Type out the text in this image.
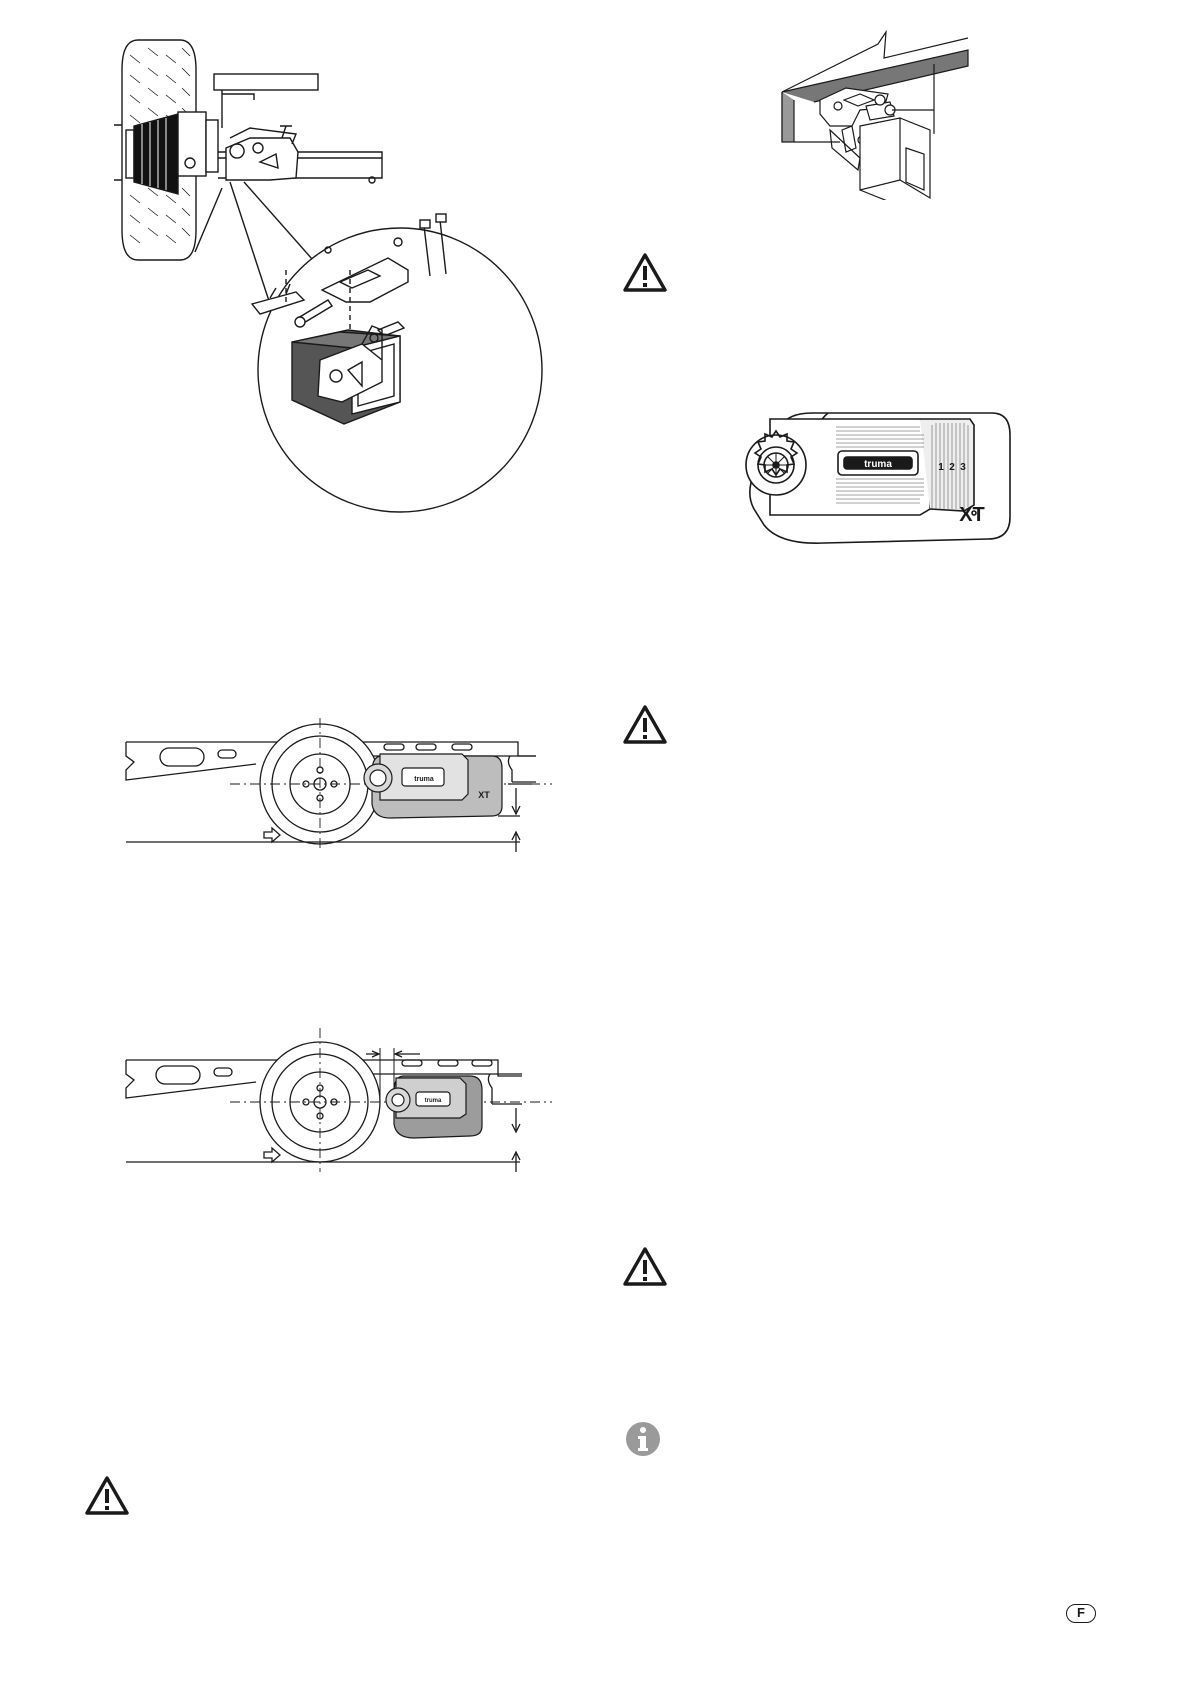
truma	1 2 3
XT
truma
XT
truma
F
